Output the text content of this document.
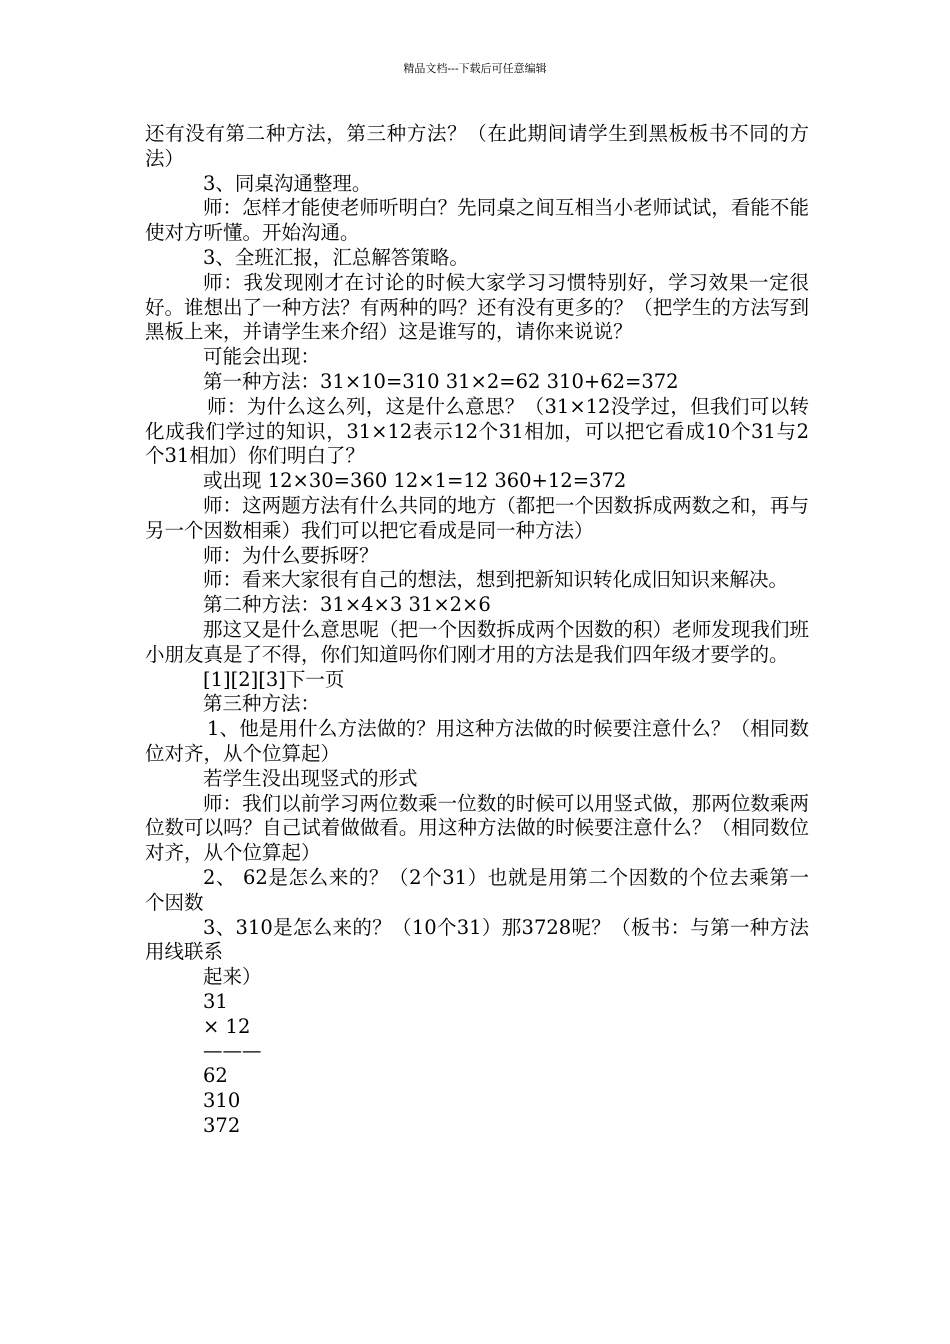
精品文档---下载后可任意编辑

还有没有第二种方法，第三种方法？（在此期间请学生到黑板板书不同的方法）

3、同桌沟通整理。

师：怎样才能使老师听明白？先同桌之间互相当小老师试试，看能不能使对方听懂。开始沟通。

3、全班汇报，汇总解答策略。

师：我发现刚才在讨论的时候大家学习习惯特别好，学习效果一定很好。谁想出了一种方法？有两种的吗？还有没有更多的？（把学生的方法写到黑板上来，并请学生来介绍）这是谁写的，请你来说说？

可能会出现：

第一种方法：31×10=310 31×2=62 310+62=372

师：为什么这么列，这是什么意思？（31×12没学过，但我们可以转化成我们学过的知识，31×12表示12个31相加，可以把它看成10个31与2个31相加）你们明白了？

或出现 12×30=360 12×1=12 360+12=372

师：这两题方法有什么共同的地方（都把一个因数拆成两数之和，再与另一个因数相乘）我们可以把它看成是同一种方法）

师：为什么要拆呀？

师：看来大家很有自己的想法，想到把新知识转化成旧知识来解决。

第二种方法：31×4×3 31×2×6

那这又是什么意思呢（把一个因数拆成两个因数的积）老师发现我们班小朋友真是了不得，你们知道吗你们刚才用的方法是我们四年级才要学的。

[1][2][3]下一页

第三种方法：

1、他是用什么方法做的？用这种方法做的时候要注意什么？（相同数位对齐，从个位算起）

若学生没出现竖式的形式

师：我们以前学习两位数乘一位数的时候可以用竖式做，那两位数乘两位数可以吗？自己试着做做看。用这种方法做的时候要注意什么？（相同数位对齐，从个位算起）

2、 62是怎么来的？（2个31）也就是用第二个因数的个位去乘第一个因数

3、310是怎么来的？（10个31）那3728呢？（板书：与第一种方法用线联系

起来）

31

× 12

———

62

310

372
